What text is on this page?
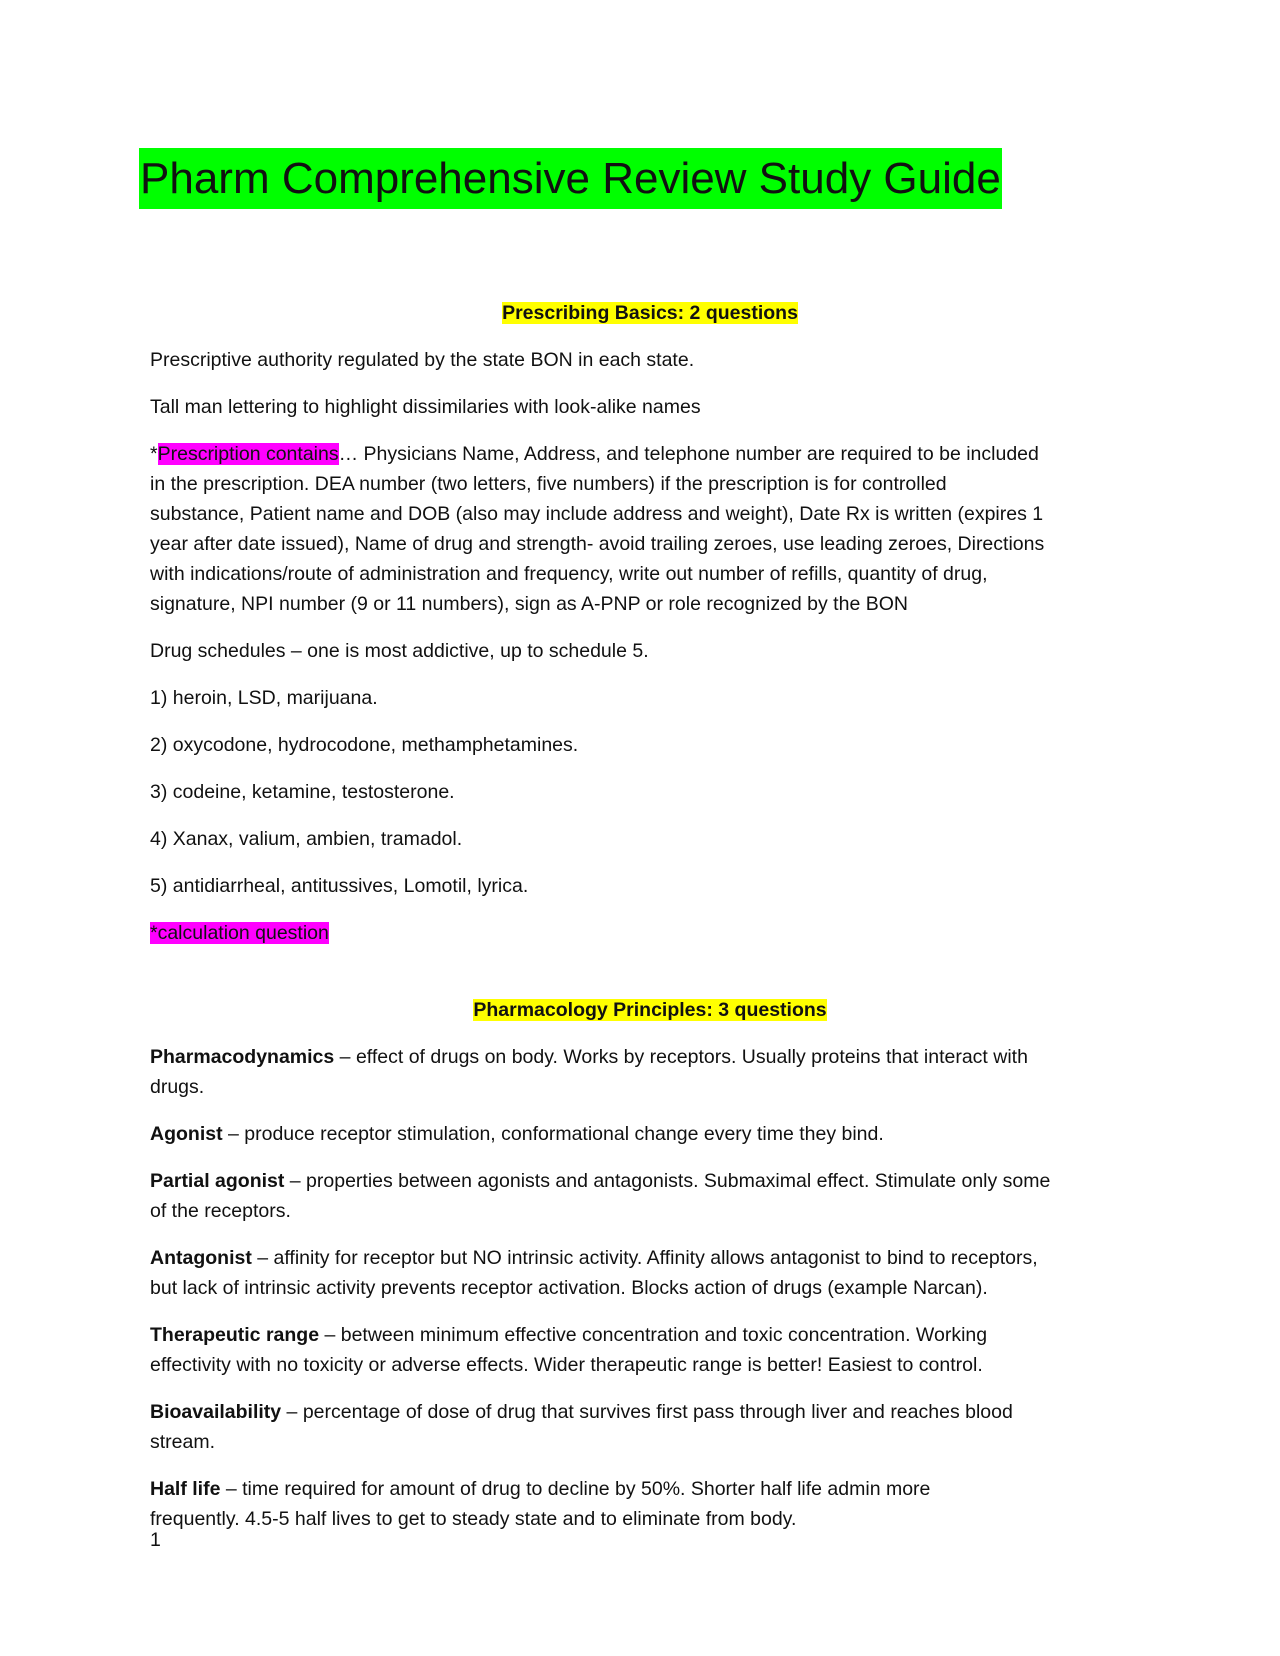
Pharm Comprehensive Review Study Guide
Prescribing Basics: 2 questions

Prescriptive authority regulated by the state BON in each state.

Tall man lettering to highlight dissimilaries with look-alike names

*Prescription contains… Physicians Name, Address, and telephone number are required to be included
in the prescription. DEA number (two letters, five numbers) if the prescription is for controlled
substance, Patient name and DOB (also may include address and weight), Date Rx is written (expires 1
year after date issued), Name of drug and strength- avoid trailing zeroes, use leading zeroes, Directions
with indications/route of administration and frequency, write out number of refills, quantity of drug,
signature, NPI number (9 or 11 numbers), sign as A-PNP or role recognized by the BON

Drug schedules – one is most addictive, up to schedule 5.

1) heroin, LSD, marijuana.

2) oxycodone, hydrocodone, methamphetamines.

3) codeine, ketamine, testosterone.

4) Xanax, valium, ambien, tramadol.

5) antidiarrheal, antitussives, Lomotil, lyrica.

*calculation question

Pharmacology Principles: 3 questions

Pharmacodynamics – effect of drugs on body. Works by receptors. Usually proteins that interact with
drugs.

Agonist – produce receptor stimulation, conformational change every time they bind.

Partial agonist – properties between agonists and antagonists. Submaximal effect. Stimulate only some
of the receptors.

Antagonist – affinity for receptor but NO intrinsic activity. Affinity allows antagonist to bind to receptors,
but lack of intrinsic activity prevents receptor activation. Blocks action of drugs (example Narcan).

Therapeutic range – between minimum effective concentration and toxic concentration. Working
effectivity with no toxicity or adverse effects. Wider therapeutic range is better! Easiest to control.

Bioavailability – percentage of dose of drug that survives first pass through liver and reaches blood
stream.

Half life – time required for amount of drug to decline by 50%. Shorter half life admin more
frequently. 4.5-5 half lives to get to steady state and to eliminate from body.

1
